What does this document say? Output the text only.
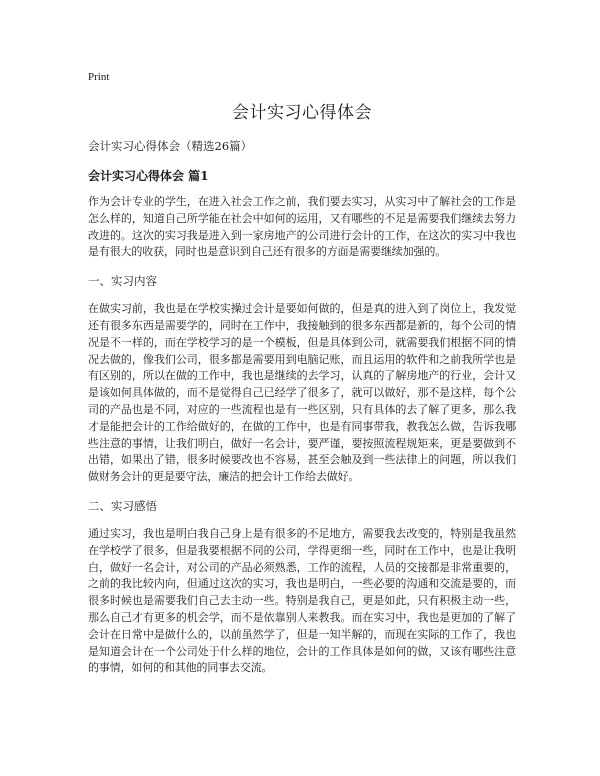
Print
会计实习心得体会

会计实习心得体会（精选26篇）

会计实习心得体会 篇1

作为会计专业的学生，在进入社会工作之前，我们要去实习，从实习中了解社会的工作是怎么样的，知道自己所学能在社会中如何的运用，又有哪些的不足是需要我们继续去努力改进的。这次的实习我是进入到一家房地产的公司进行会计的工作，在这次的实习中我也是有很大的收获，同时也是意识到自己还有很多的方面是需要继续加强的。

一、实习内容

在做实习前，我也是在学校实操过会计是要如何做的，但是真的进入到了岗位上，我发觉还有很多东西是需要学的，同时在工作中，我接触到的很多东西都是新的，每个公司的情况是不一样的，而在学校学习的是一个模板，但是具体到公司，就需要我们根据不同的情况去做的，像我们公司，很多都是需要用到电脑记账，而且运用的软件和之前我所学也是有区别的，所以在做的工作中，我也是继续的去学习，认真的了解房地产的行业，会计又是该如何具体做的，而不是觉得自己已经学了很多了，就可以做好，那不是这样，每个公司的产品也是不同，对应的一些流程也是有一些区别，只有具体的去了解了更多，那么我才是能把会计的工作给做好的，在做的工作中，也是有同事带我，教我怎么做，告诉我哪些注意的事情，让我们明白，做好一名会计，要严谨，要按照流程规矩来，更是要做到不出错，如果出了错，很多时候要改也不容易，甚至会触及到一些法律上的问题，所以我们做财务会计的更是要守法，廉洁的把会计工作给去做好。

二、实习感悟

通过实习，我也是明白我自己身上是有很多的不足地方，需要我去改变的，特别是我虽然在学校学了很多，但是我要根据不同的公司，学得更细一些，同时在工作中，也是让我明白，做好一名会计，对公司的产品必须熟悉，工作的流程，人员的交接都是非常重要的，之前的我比较内向，但通过这次的实习，我也是明白，一些必要的沟通和交流是要的，而很多时候也是需要我们自己去主动一些。特别是我自己，更是如此，只有积极主动一些，那么自己才有更多的机会学，而不是依靠别人来教我。而在实习中，我也是更加的了解了会计在日常中是做什么的，以前虽然学了，但是一知半解的，而现在实际的工作了，我也是知道会计在一个公司处于什么样的地位，会计的工作具体是如何的做，又该有哪些注意的事情，如何的和其他的同事去交流。
